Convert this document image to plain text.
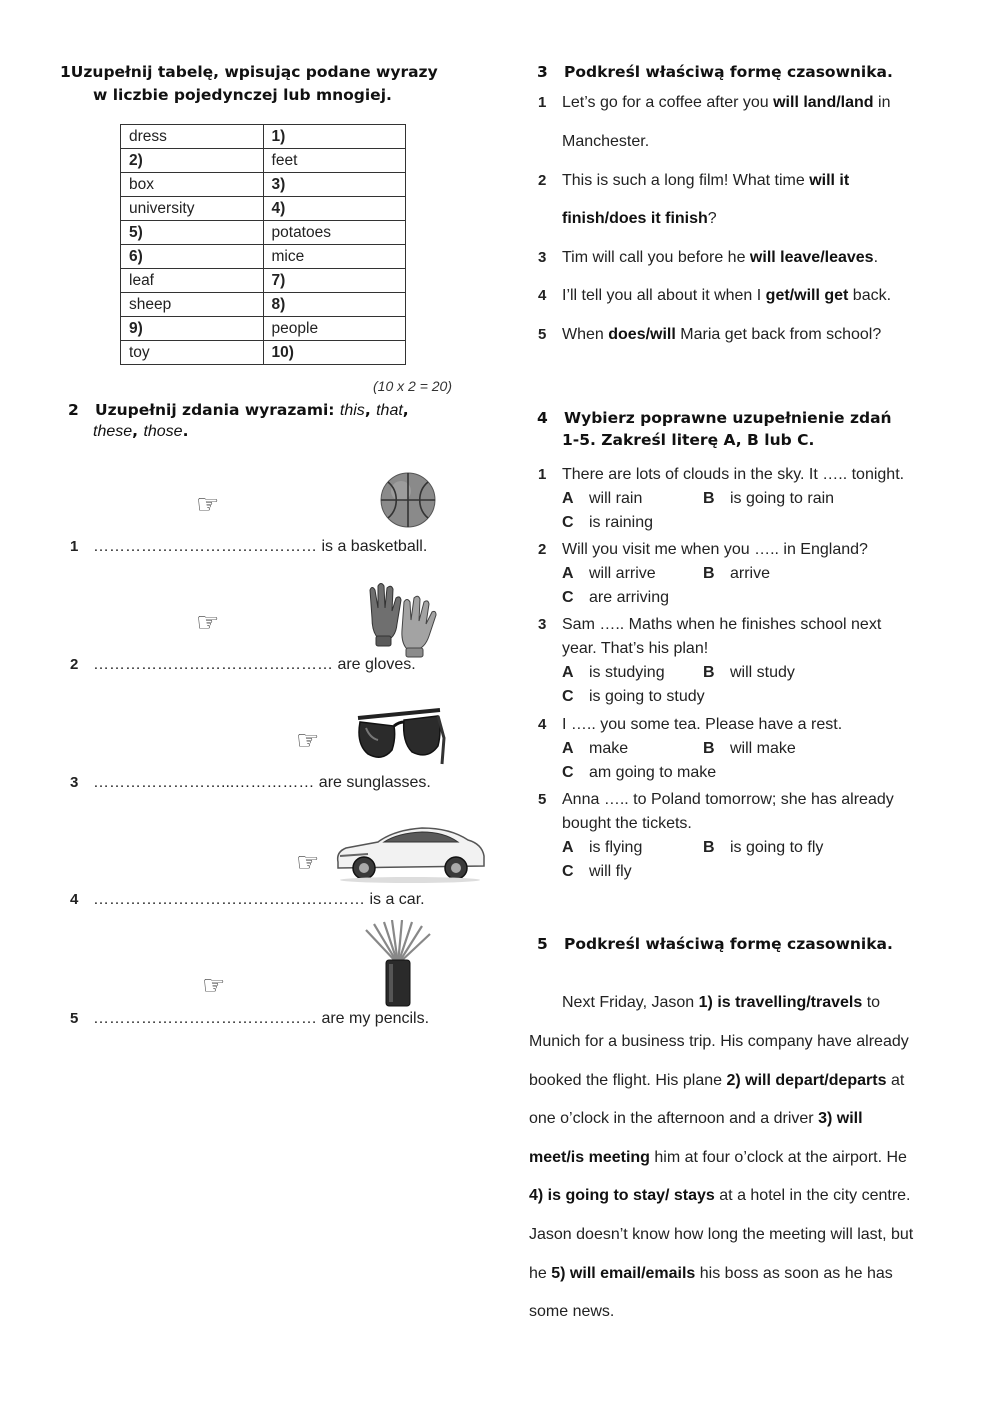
1Uzupełnij tabelę, wpisując podane wyrazy
w liczbie pojedynczej lub mnogiej.
dress	1)
2)	feet
box	3)
university	4)
5)	potatoes
6)	mice
leaf	7)
sheep	8)
9)	people
toy	10)
(10 x 2 = 20)
2 Uzupełnij zdania wyrazami: this, that,
these, those.
☞
1 …………………………………… is a basketball.
☞
2 ……………………………………… are gloves.
☞
3 ……………………...…………… are sunglasses.
☞
4 …………………………………………… is a car.
☞
5 …………………………………… are my pencils.
3 Podkreśl właściwą formę czasownika.
1 Let’s go for a coffee after you will land/land in
Manchester.
2 This is such a long film! What time will it
finish/does it finish?
3 Tim will call you before he will leave/leaves.
4 I’ll tell you all about it when I get/will get back.
5 When does/will Maria get back from school?
4 Wybierz poprawne uzupełnienie zdań
1-5. Zakreśl literę A, B lub C.
1 There are lots of clouds in the sky. It ….. tonight.
A will rain	B is going to rain
C is raining
2 Will you visit me when you ….. in England?
A will arrive	B arrive
C are arriving
3 Sam ….. Maths when he finishes school next
year. That’s his plan!
A is studying B will study
C is going to study
4 I ….. you some tea. Please have a rest.
A make	B will make
C am going to make
5 Anna ….. to Poland tomorrow; she has already
bought the tickets.
A is flying	B is going to fly
C will fly
5 Podkreśl właściwą formę czasownika.
Next Friday, Jason 1) is travelling/travels to
Munich for a business trip. His company have already
booked the flight. His plane 2) will depart/departs at
one o’clock in the afternoon and a driver 3) will
meet/is meeting him at four o’clock at the airport. He
4) is going to stay/ stays at a hotel in the city centre.
Jason doesn’t know how long the meeting will last, but
he 5) will email/emails his boss as soon as he has
some news.
